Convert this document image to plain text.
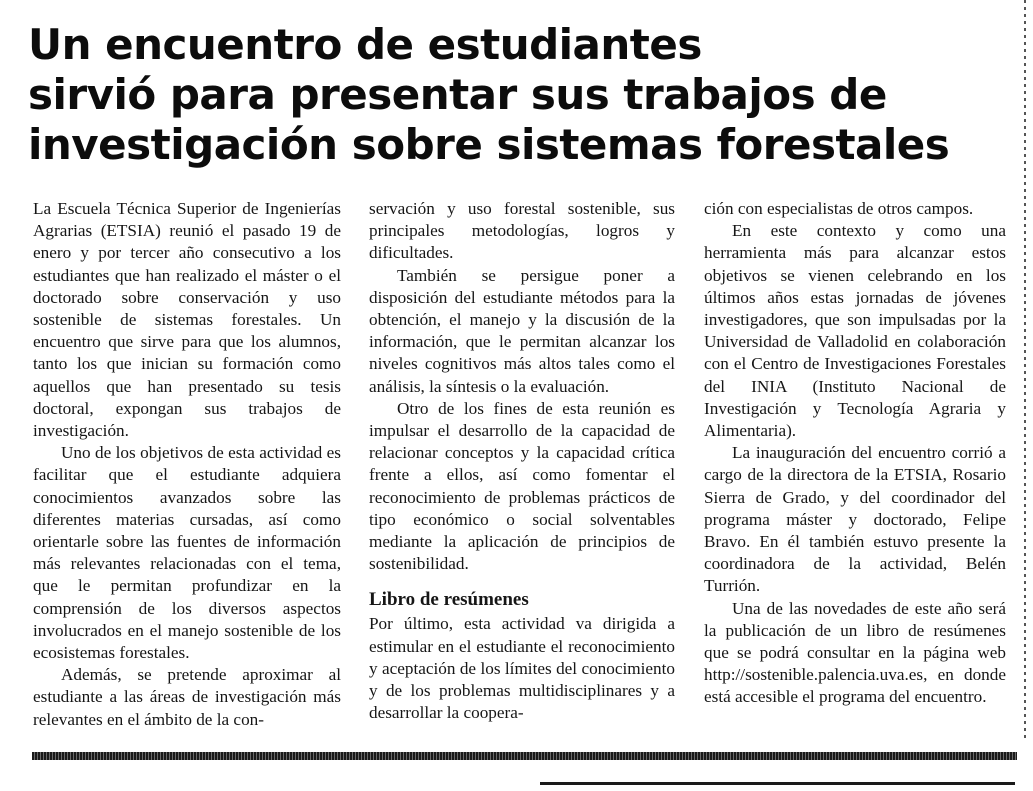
Un encuentro de estudiantes
sirvió para presentar sus trabajos de
investigación sobre sistemas forestales

La Escuela Técnica Superior de Ingenierías Agrarias (ETSIA) reunió el pasado 19 de enero y por tercer año consecutivo a los estudiantes que han realizado el máster o el doctorado sobre conservación y uso sostenible de sistemas forestales. Un encuentro que sirve para que los alumnos, tanto los que inician su formación como aquellos que han presentado su tesis doctoral, expongan sus trabajos de investigación.

Uno de los objetivos de esta actividad es facilitar que el estudiante adquiera conocimientos avanzados sobre las diferentes materias cursadas, así como orientarle sobre las fuentes de información más relevantes relacionadas con el tema, que le permitan profundizar en la comprensión de los diversos aspectos involucrados en el manejo sostenible de los ecosistemas forestales.

Además, se pretende aproximar al estudiante a las áreas de investigación más relevantes en el ámbito de la con-

servación y uso forestal sostenible, sus principales metodologías, logros y dificultades.

También se persigue poner a disposición del estudiante métodos para la obtención, el manejo y la discusión de la información, que le permitan alcanzar los niveles cognitivos más altos tales como el análisis, la síntesis o la evaluación.

Otro de los fines de esta reunión es impulsar el desarrollo de la capacidad de relacionar conceptos y la capacidad crítica frente a ellos, así como fomentar el reconocimiento de problemas prácticos de tipo económico o social solventables mediante la aplicación de principios de sostenibilidad.

Libro de resúmenes

Por último, esta actividad va dirigida a estimular en el estudiante el reconocimiento y aceptación de los límites del conocimiento y de los problemas multidisciplinares y a desarrollar la coopera-

ción con especialistas de otros campos.

En este contexto y como una herramienta más para alcanzar estos objetivos se vienen celebrando en los últimos años estas jornadas de jóvenes investigadores, que son impulsadas por la Universidad de Valladolid en colaboración con el Centro de Investigaciones Forestales del INIA (Instituto Nacional de Investigación y Tecnología Agraria y Alimentaria).

La inauguración del encuentro corrió a cargo de la directora de la ETSIA, Rosario Sierra de Grado, y del coordinador del programa máster y doctorado, Felipe Bravo. En él también estuvo presente la coordinadora de la actividad, Belén Turrión.

Una de las novedades de este año será la publicación de un libro de resúmenes que se podrá consultar en la página web http://sostenible.palencia.uva.es, en donde está accesible el programa del encuentro.
